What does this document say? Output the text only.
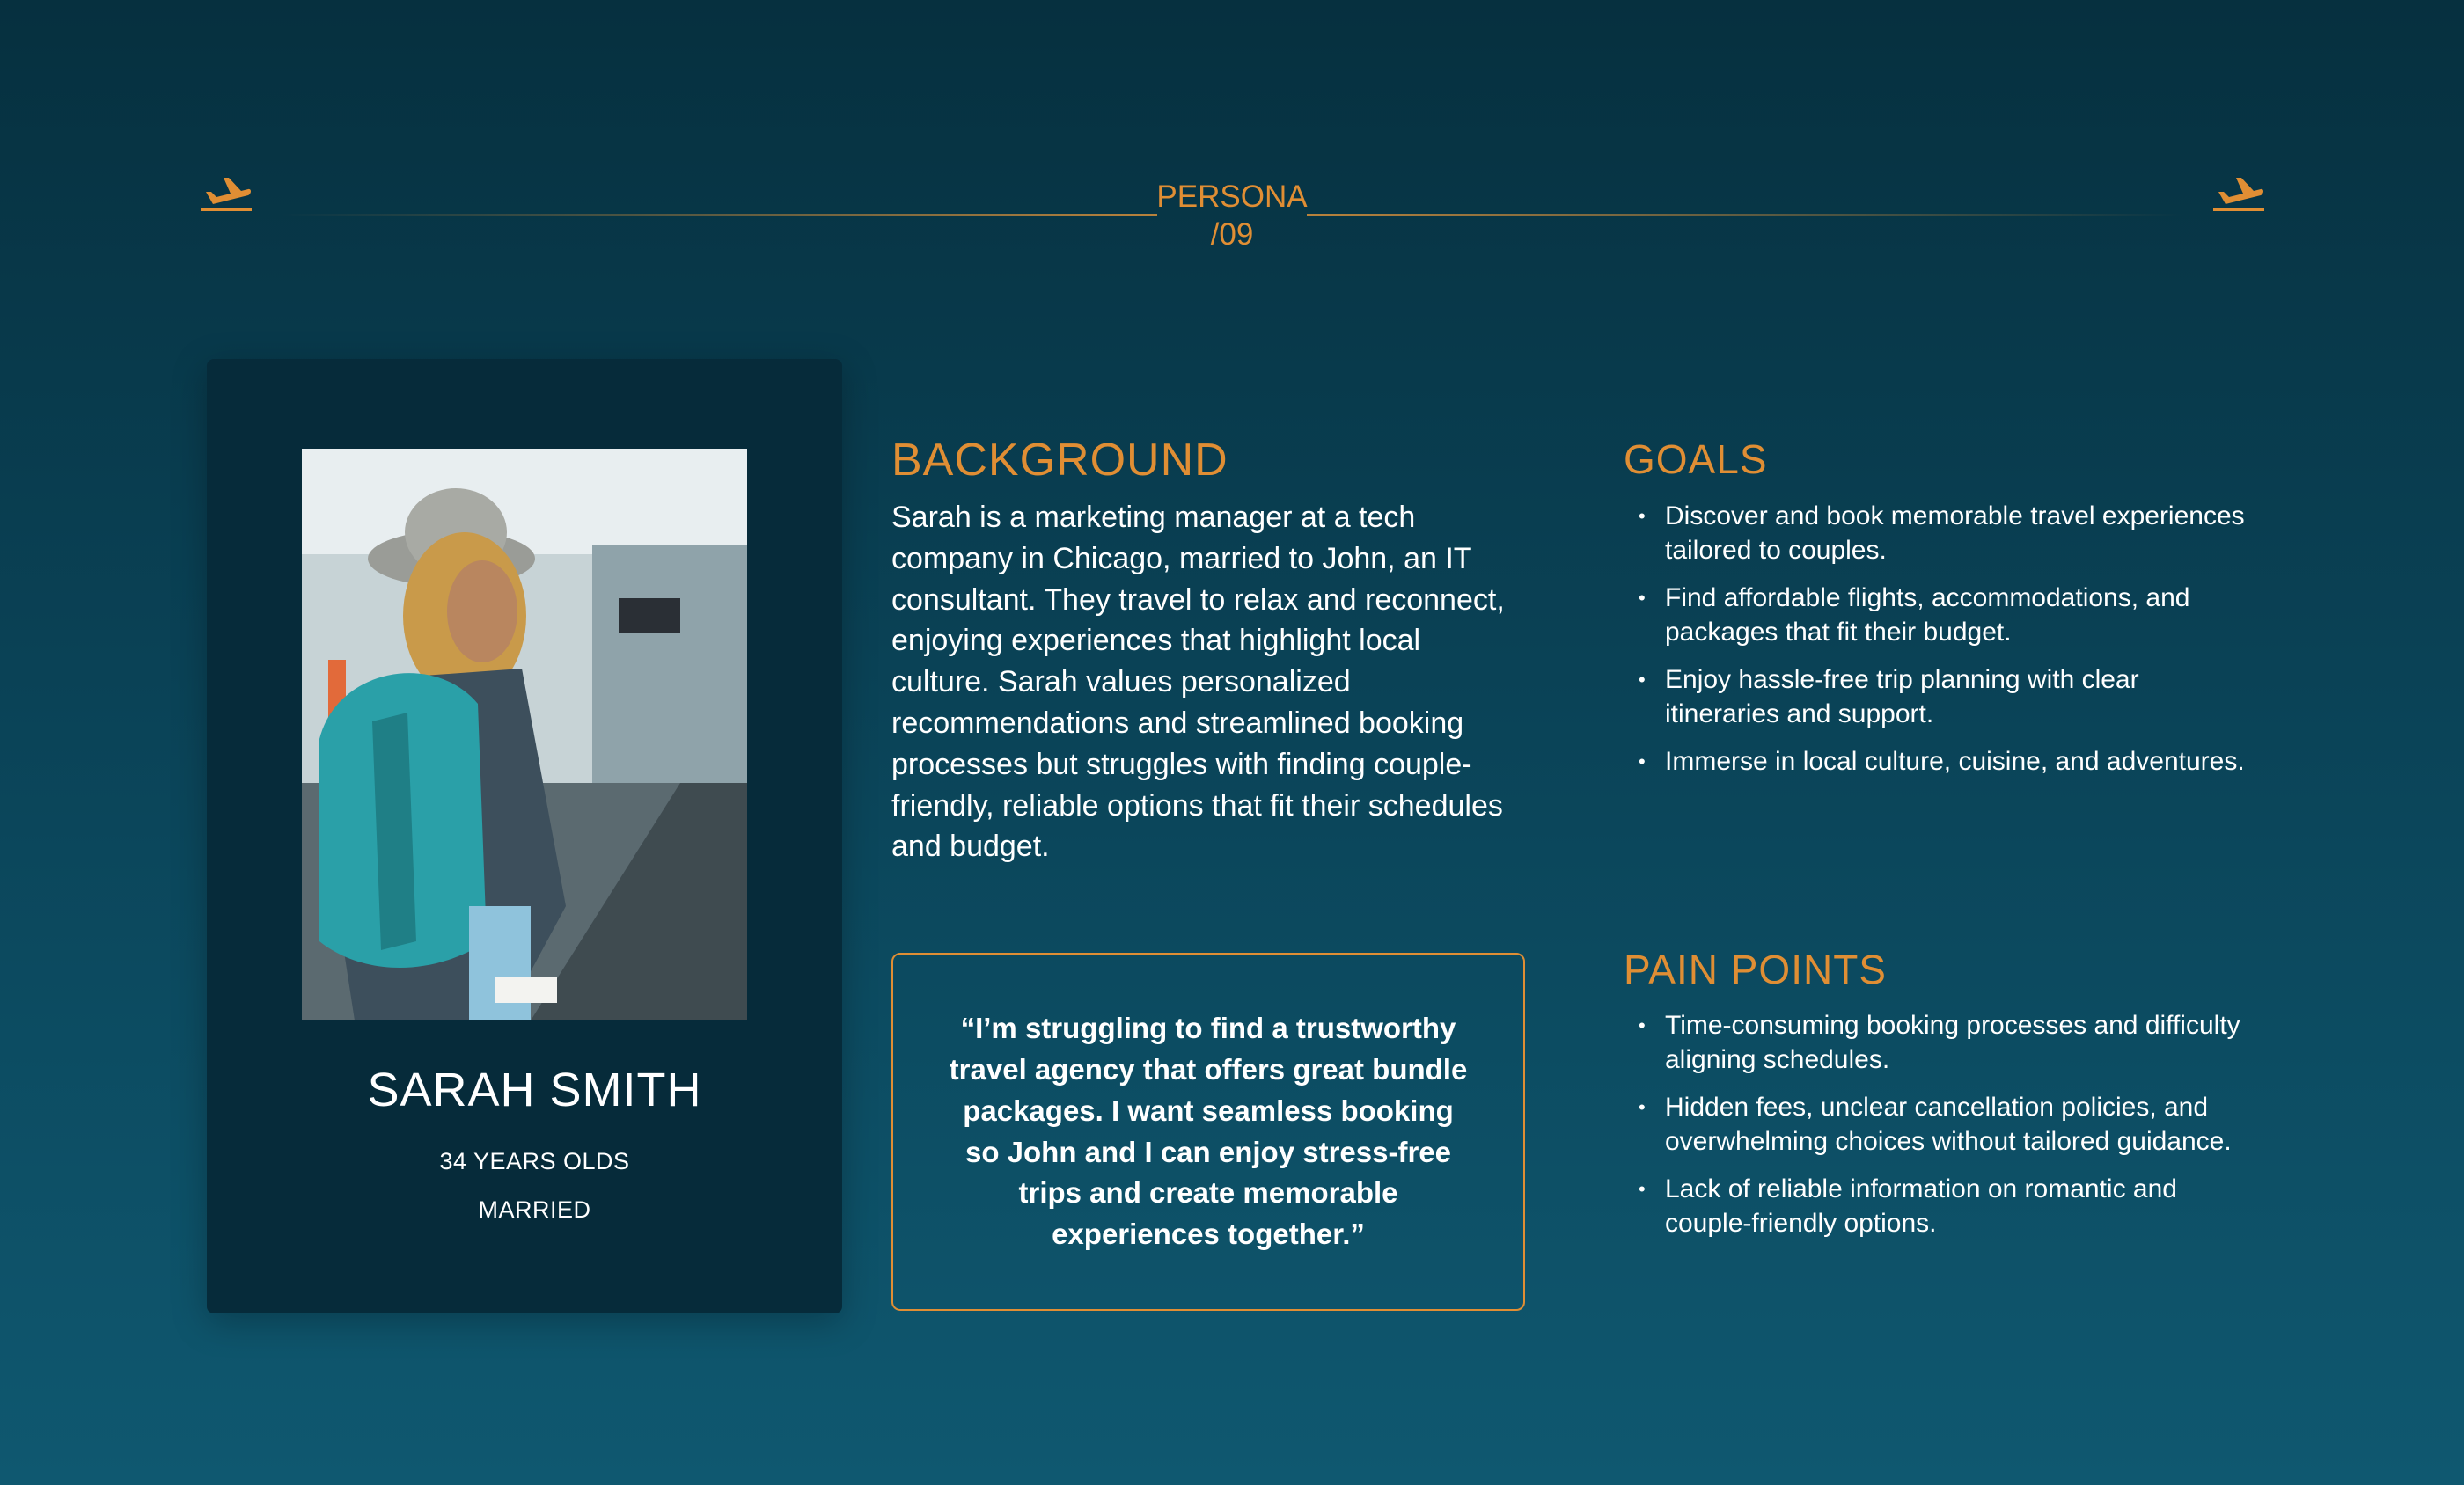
PERSONA
/09
SARAH SMITH
34 YEARS OLDS
MARRIED
BACKGROUND
Sarah is a marketing manager at a tech company in Chicago, married to John, an IT consultant. They travel to relax and reconnect, enjoying experiences that highlight local culture. Sarah values personalized recommendations and streamlined booking processes but struggles with finding couple-friendly, reliable options that fit their schedules and budget.
“I’m struggling to find a trustworthy travel agency that offers great bundle packages. I want seamless booking so John and I can enjoy stress-free trips and create memorable experiences together.”
GOALS
• Discover and book memorable travel experiences tailored to couples.
• Find affordable flights, accommodations, and packages that fit their budget.
• Enjoy hassle-free trip planning with clear itineraries and support.
• Immerse in local culture, cuisine, and adventures.
PAIN POINTS
• Time-consuming booking processes and difficulty aligning schedules.
• Hidden fees, unclear cancellation policies, and overwhelming choices without tailored guidance.
• Lack of reliable information on romantic and couple-friendly options.
